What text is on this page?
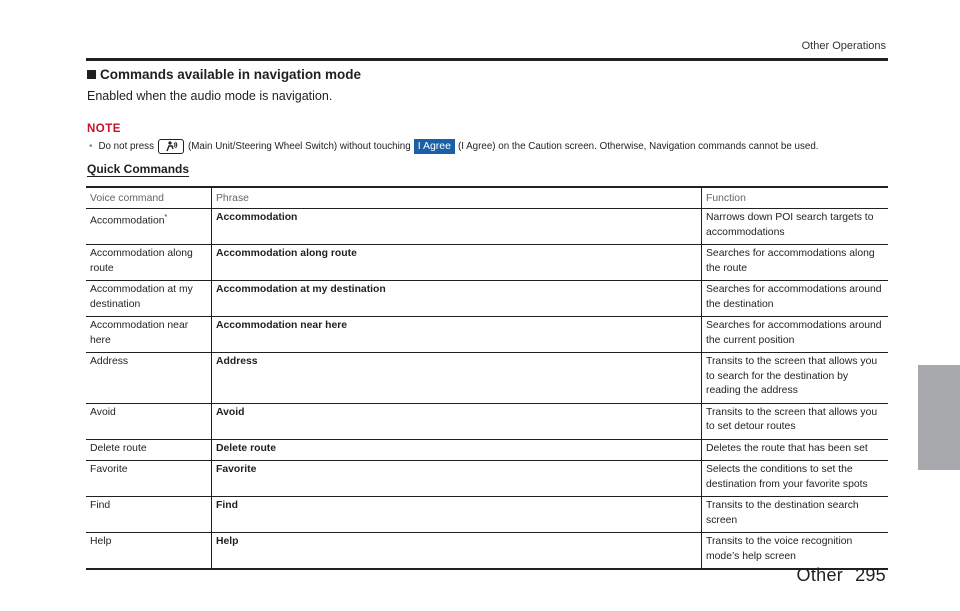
Other Operations
Commands available in navigation mode
Enabled when the audio mode is navigation.
NOTE
• Do not press	(Main Unit/Steering Wheel Switch) without touching I Agree (I Agree) on the Caution screen. Otherwise, Navigation commands cannot be used.
Quick Commands
Voice command	Phrase	Function
Accommodation*	Accommodation	Narrows down POI search targets to accommodations
Accommodation along route	Accommodation along route	Searches for accommodations along the route
Accommodation at my destination	Accommodation at my destination	Searches for accommodations around the destination
Accommodation near here	Accommodation near here	Searches for accommodations around the current position
Address	Address	Transits to the screen that allows you to search for the destination by reading the address
Avoid	Avoid	Transits to the screen that allows you to set detour routes
Delete route	Delete route	Deletes the route that has been set
Favorite	Favorite	Selects the conditions to set the destination from your favorite spots
Find	Find	Transits to the destination search screen
Help	Help	Transits to the voice recognition mode’s help screen
Other 295
